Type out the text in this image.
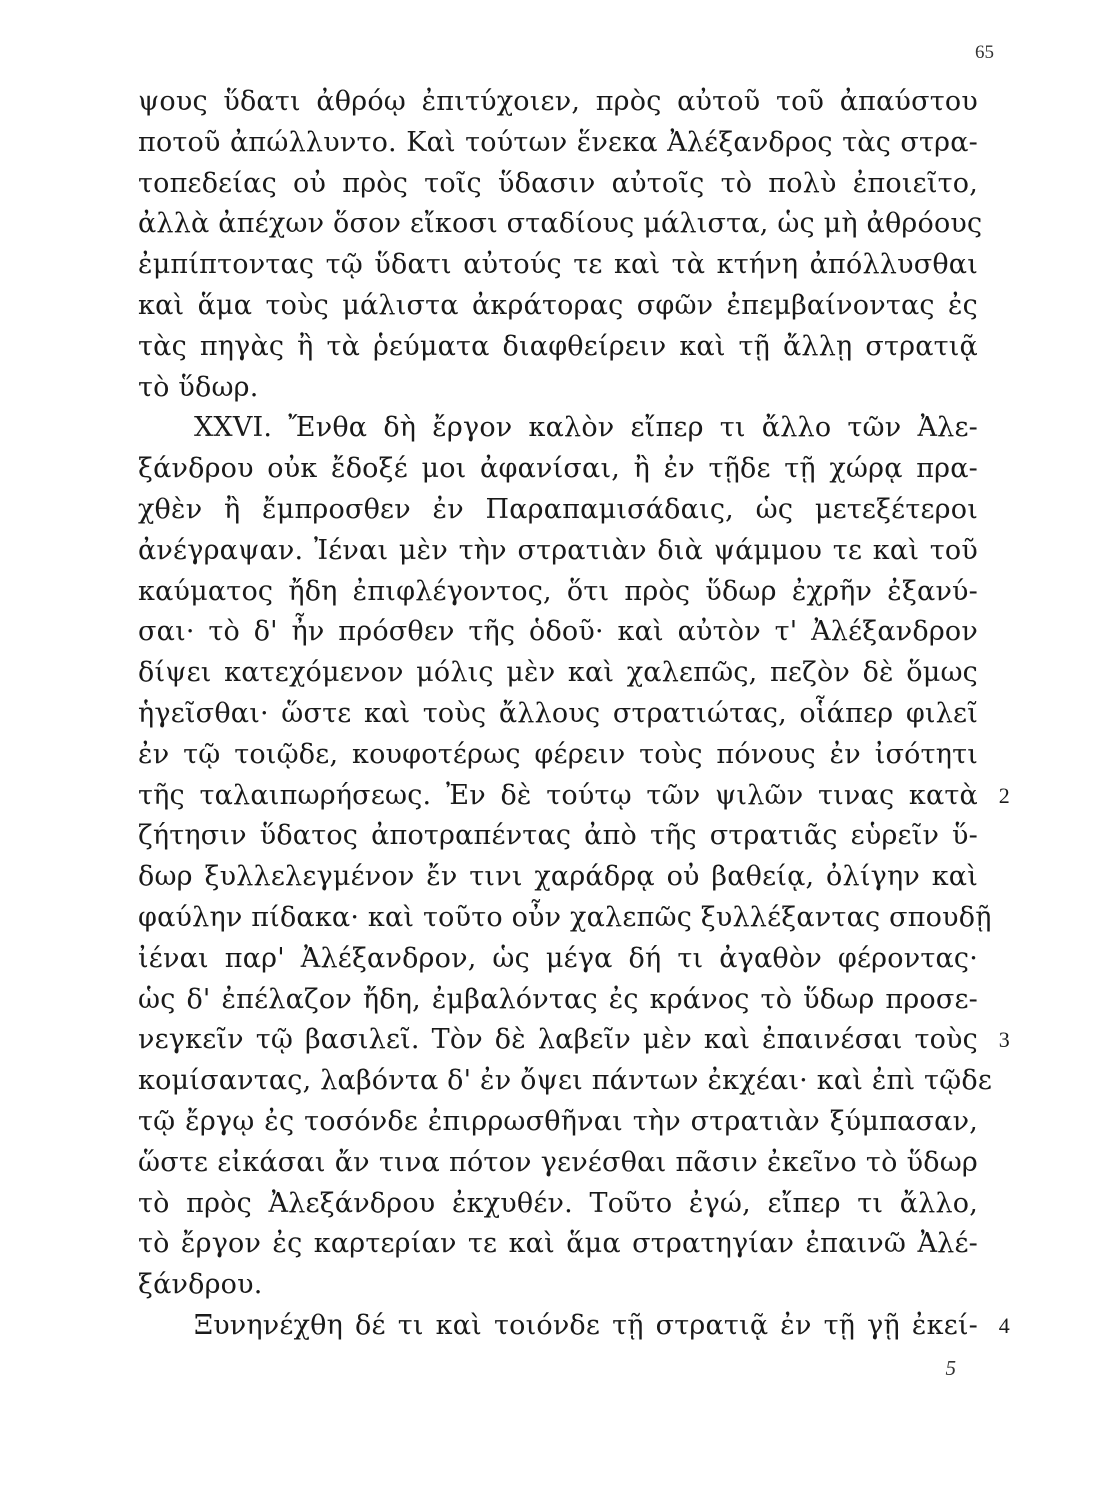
65
ψους ὕδατι ἀθρόῳ ἐπιτύχοιεν, πρὸς αὐτοῦ τοῦ ἀπαύστου
ποτοῦ ἀπώλλυντο. Καὶ τούτων ἕνεκα Ἀλέξανδρος τὰς στρα-
τοπεδείας οὐ πρὸς τοῖς ὕδασιν αὐτοῖς τὸ πολὺ ἐποιεῖτο,
ἀλλὰ ἀπέχων ὅσον εἴκοσι σταδίους μάλιστα, ὡς μὴ ἀθρόους
ἐμπίπτοντας τῷ ὕδατι αὐτούς τε καὶ τὰ κτήνη ἀπόλλυσθαι
καὶ ἅμα τοὺς μάλιστα ἀκράτορας σφῶν ἐπεμβαίνοντας ἐς
τὰς πηγὰς ἢ τὰ ῥεύματα διαφθείρειν καὶ τῇ ἄλλῃ στρατιᾷ
τὸ ὕδωρ.
XXVI. Ἔνθα δὴ ἔργον καλὸν εἴπερ τι ἄλλο τῶν Ἀλε-
ξάνδρου οὐκ ἔδοξέ μοι ἀφανίσαι, ἢ ἐν τῇδε τῇ χώρᾳ πρα-
χθὲν ἢ ἔμπροσθεν ἐν Παραπαμισάδαις, ὡς μετεξέτεροι
ἀνέγραψαν. Ἰέναι μὲν τὴν στρατιὰν διὰ ψάμμου τε καὶ τοῦ
καύματος ἤδη ἐπιφλέγοντος, ὅτι πρὸς ὕδωρ ἐχρῆν ἐξανύ-
σαι· τὸ δ' ἦν πρόσθεν τῆς ὁδοῦ· καὶ αὐτὸν τ' Ἀλέξανδρον
δίψει κατεχόμενον μόλις μὲν καὶ χαλεπῶς, πεζὸν δὲ ὅμως
ἡγεῖσθαι· ὥστε καὶ τοὺς ἄλλους στρατιώτας, οἷάπερ φιλεῖ
ἐν τῷ τοιῷδε, κουφοτέρως φέρειν τοὺς πόνους ἐν ἰσότητι
τῆς ταλαιπωρήσεως. Ἐν δὲ τούτῳ τῶν ψιλῶν τινας κατὰ 2
ζήτησιν ὕδατος ἀποτραπέντας ἀπὸ τῆς στρατιᾶς εὑρεῖν ὕ-
δωρ ξυλλελεγμένον ἔν τινι χαράδρᾳ οὐ βαθείᾳ, ὀλίγην καὶ
φαύλην πίδακα· καὶ τοῦτο οὖν χαλεπῶς ξυλλέξαντας σπουδῇ
ἰέναι παρ' Ἀλέξανδρον, ὡς μέγα δή τι ἀγαθὸν φέροντας·
ὡς δ' ἐπέλαζον ἤδη, ἐμβαλόντας ἐς κράνος τὸ ὕδωρ προσε-
νεγκεῖν τῷ βασιλεῖ. Τὸν δὲ λαβεῖν μὲν καὶ ἐπαινέσαι τοὺς 3
κομίσαντας, λαβόντα δ' ἐν ὄψει πάντων ἐκχέαι· καὶ ἐπὶ τῷδε
τῷ ἔργῳ ἐς τοσόνδε ἐπιρρωσθῆναι τὴν στρατιὰν ξύμπασαν,
ὥστε εἰκάσαι ἄν τινα πότον γενέσθαι πᾶσιν ἐκεῖνο τὸ ὕδωρ
τὸ πρὸς Ἀλεξάνδρου ἐκχυθέν. Τοῦτο ἐγώ, εἴπερ τι ἄλλο,
τὸ ἔργον ἐς καρτερίαν τε καὶ ἅμα στρατηγίαν ἐπαινῶ Ἀλέ-
ξάνδρου.
Ξυνηνέχθη δέ τι καὶ τοιόνδε τῇ στρατιᾷ ἐν τῇ γῇ ἐκεί- 4
5
